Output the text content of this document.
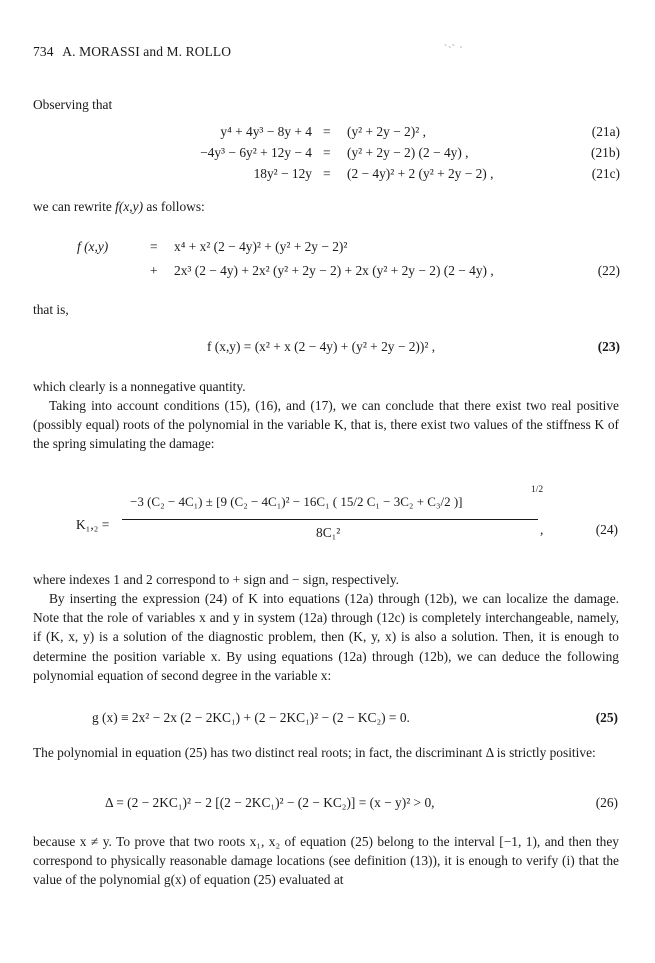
734 A. MORASSI and M. ROLLO	̀` ̀ ´
Observing that
y⁴ + 4y³ − 8y + 4 = (y² + 2y − 2)² ,	(21a)
−4y³ − 6y² + 12y − 4 = (y² + 2y − 2) (2 − 4y) ,	(21b)
18y² − 12y = (2 − 4y)² + 2 (y² + 2y − 2) ,	(21c)
we can rewrite f(x,y) as follows:
f (x,y)	= x⁴ + x² (2 − 4y)² + (y² + 2y − 2)²
+ 2x³ (2 − 4y) + 2x² (y² + 2y − 2) + 2x (y² + 2y − 2) (2 − 4y) ,	(22)
that is,
f (x,y) = (x² + x (2 − 4y) + (y² + 2y − 2))² ,	(23)
which clearly is a nonnegative quantity.
Taking into account conditions (15), (16), and (17), we can conclude that there exist two real positive (possibly equal) roots of the polynomial in the variable K, that is, there exist two values of the stiffness K of the spring simulating the damage:
K₁,₂ =
−3 (C₂ − 4C₁) ± [9 (C₂ − 4C₁)² − 16C₁ ( 15/2 C₁ − 3C₂ + C₃/2 )]
1/2
8C₁²	,	(24)
where indexes 1 and 2 correspond to + sign and − sign, respectively.
By inserting the expression (24) of K into equations (12a) through (12b), we can localize the damage. Note that the role of variables x and y in system (12a) through (12c) is completely interchangeable, namely, if (K, x, y) is a solution of the diagnostic problem, then (K, y, x) is also a solution. Then, it is enough to determine the position variable x. By using equations (12a) through (12b), we can deduce the following polynomial equation of second degree in the variable x:
g (x) ≡ 2x² − 2x (2 − 2KC₁) + (2 − 2KC₁)² − (2 − KC₂) = 0.	(25)
The polynomial in equation (25) has two distinct real roots; in fact, the discriminant Δ is strictly positive:
Δ = (2 − 2KC₁)² − 2 [(2 − 2KC₁)² − (2 − KC₂)] = (x − y)² > 0,	(26)
because x ≠ y. To prove that two roots x₁, x₂ of equation (25) belong to the interval [−1, 1), and then they correspond to physically reasonable damage locations (see definition (13)), it is enough to verify (i) that the value of the polynomial g(x) of equation (25) evaluated at
